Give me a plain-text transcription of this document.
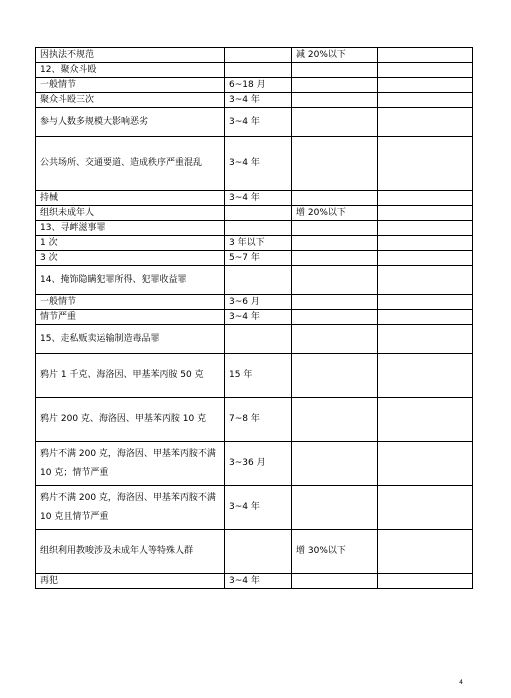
因执法不规范		减 20%以下	
12、聚众斗殴			
一般情节	6~18 月		
聚众斗殴三次	3~4 年		
参与人数多规模大影响恶劣	3~4 年		
公共场所、交通要道、造成秩序严重混乱	3~4 年		
持械	3~4 年		
组织未成年人		增 20%以下	
13、寻衅滋事罪			
1 次	3 年以下		
3 次	5~7 年		
14、掩饰隐瞒犯罪所得、犯罪收益罪			
一般情节	3~6 月		
情节严重	3~4 年		
15、走私贩卖运输制造毒品罪			
鸦片 1 千克、海洛因、甲基苯丙胺 50 克	15 年		
鸦片 200 克、海洛因、甲基苯丙胺 10 克	7~8 年		
鸦片不满 200 克，海洛因、甲基苯丙胺不满 10 克；情节严重	3~36 月		
鸦片不满 200 克，海洛因、甲基苯丙胺不满 10 克且情节严重	3~4 年		
组织利用教唆涉及未成年人等特殊人群		增 30%以下	
再犯	3~4 年		
4
